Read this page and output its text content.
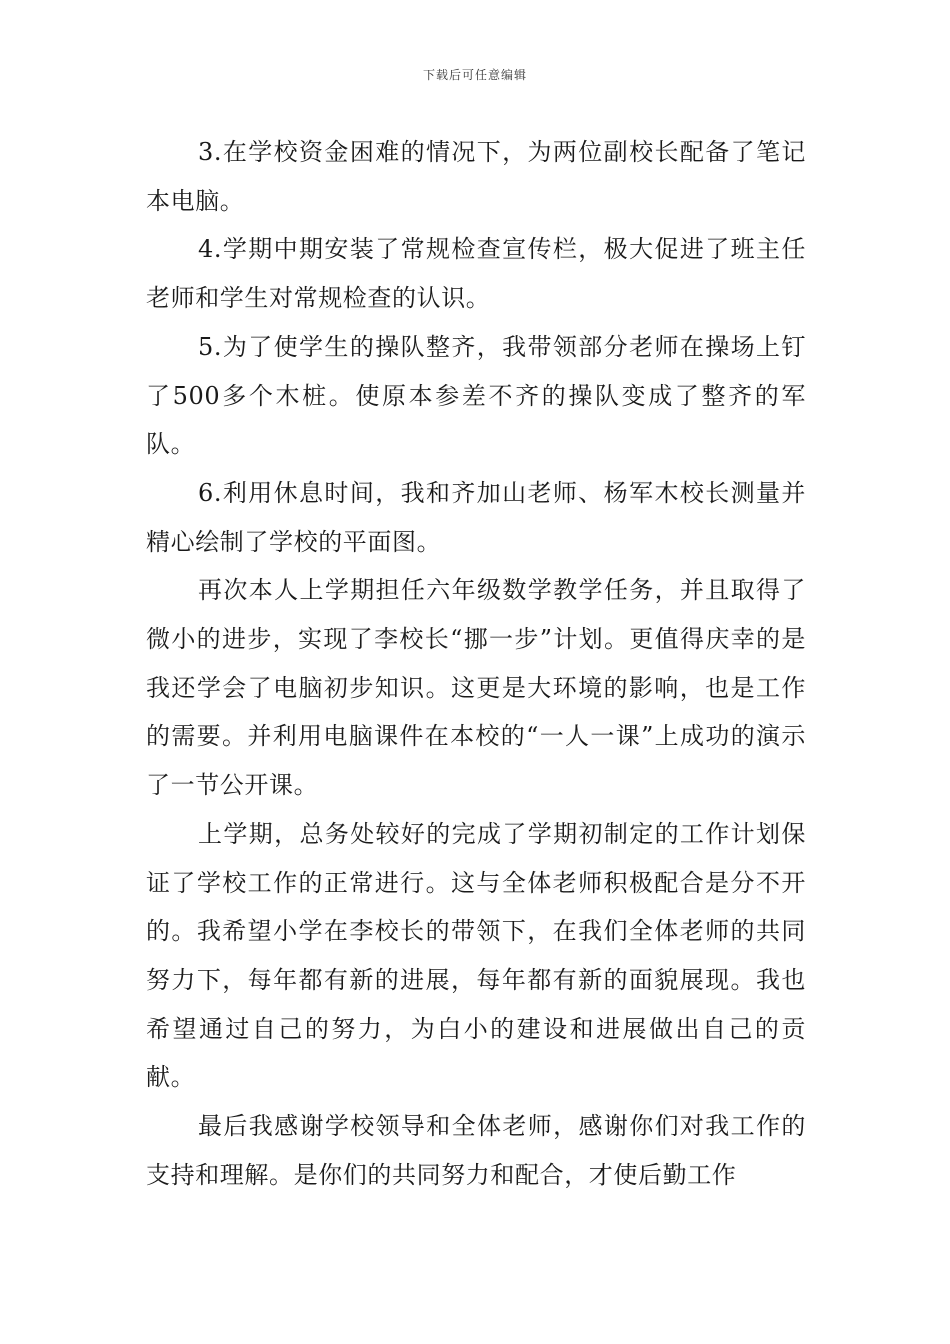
下载后可任意编辑

3.在学校资金困难的情况下，为两位副校长配备了笔记本电脑。

4.学期中期安装了常规检查宣传栏，极大促进了班主任老师和学生对常规检查的认识。

5.为了使学生的操队整齐，我带领部分老师在操场上钉了500多个木桩。使原本参差不齐的操队变成了整齐的军队。

6.利用休息时间，我和齐加山老师、杨军木校长测量并精心绘制了学校的平面图。

再次本人上学期担任六年级数学教学任务，并且取得了微小的进步，实现了李校长“挪一步”计划。更值得庆幸的是我还学会了电脑初步知识。这更是大环境的影响，也是工作的需要。并利用电脑课件在本校的“一人一课”上成功的演示了一节公开课。

上学期，总务处较好的完成了学期初制定的工作计划保证了学校工作的正常进行。这与全体老师积极配合是分不开的。我希望小学在李校长的带领下，在我们全体老师的共同努力下，每年都有新的进展，每年都有新的面貌展现。我也希望通过自己的努力，为白小的建设和进展做出自己的贡献。

最后我感谢学校领导和全体老师，感谢你们对我工作的支持和理解。是你们的共同努力和配合，才使后勤工作
